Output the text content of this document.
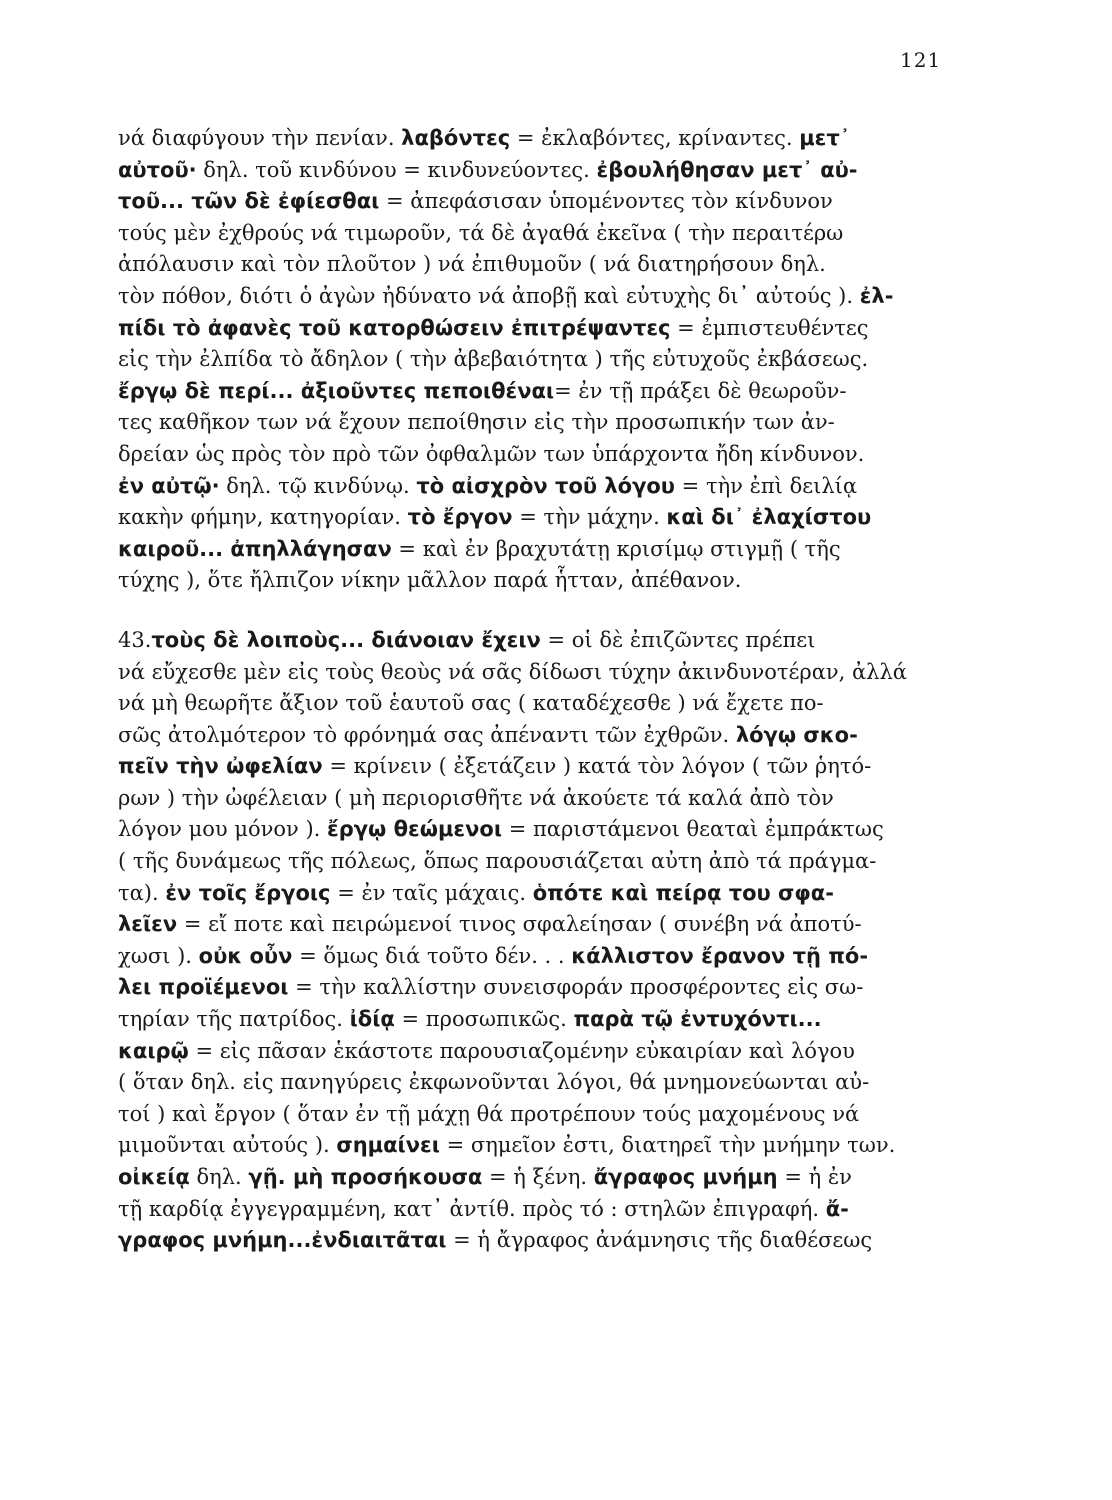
121
νά διαφύγουν τὴν πενίαν. λαβόντες = ἐκλαβόντες, κρίναντες. μετ᾽
αὐτοῦ· δηλ. τοῦ κινδύνου = κινδυνεύοντες. ἐβουλήθησαν μετ᾽ αὐ-
τοῦ... τῶν δὲ ἐφίεσθαι = ἀπεφάσισαν ὑπομένοντες τὸν κίνδυνον
τούς μὲν ἐχθρούς νά τιμωροῦν, τά δὲ ἀγαθά ἐκεῖνα ( τὴν περαιτέρω
ἀπόλαυσιν καὶ τὸν πλοῦτον ) νά ἐπιθυμοῦν ( νά διατηρήσουν δηλ.
τὸν πόθον, διότι ὁ ἀγὼν ἠδύνατο νά ἀποβῇ καὶ εὐτυχὴς δι᾽ αὐτούς ). ἐλ-
πίδι τὸ ἀφανὲς τοῦ κατορθώσειν ἐπιτρέψαντες = ἐμπιστευθέντες
εἰς τὴν ἐλπίδα τὸ ἄδηλον ( τὴν ἀβεβαιότητα ) τῆς εὐτυχοῦς ἐκβάσεως.
ἔργῳ δὲ περί... ἀξιοῦντες πεποιθέναι= ἐν τῇ πράξει δὲ θεωροῦν-
τες καθῆκον των νά ἔχουν πεποίθησιν εἰς τὴν προσωπικήν των ἀν-
δρείαν ὡς πρὸς τὸν πρὸ τῶν ὀφθαλμῶν των ὑπάρχοντα ἤδη κίνδυνον.
ἐν αὐτῷ· δηλ. τῷ κινδύνῳ. τὸ αἰσχρὸν τοῦ λόγου = τὴν ἐπὶ δειλίᾳ
κακὴν φήμην, κατηγορίαν. τὸ ἔργον = τὴν μάχην. καὶ δι᾽ ἐλαχίστου
καιροῦ... ἀπηλλάγησαν = καὶ ἐν βραχυτάτῃ κρισίμῳ στιγμῇ ( τῆς
τύχης ), ὅτε ἤλπιζον νίκην μᾶλλον παρά ἧτταν, ἀπέθανον.
43.τοὺς δὲ λοιποὺς... διάνοιαν ἔχειν = οἱ δὲ ἐπιζῶντες πρέπει
νά εὔχεσθε μὲν εἰς τοὺς θεοὺς νά σᾶς δίδωσι τύχην ἀκινδυνοτέραν, ἀλλά
νά μὴ θεωρῆτε ἄξιον τοῦ ἑαυτοῦ σας ( καταδέχεσθε ) νά ἔχετε πο-
σῶς ἀτολμότερον τὸ φρόνημά σας ἀπέναντι τῶν ἐχθρῶν. λόγῳ σκο-
πεῖν τὴν ὠφελίαν = κρίνειν ( ἐξετάζειν ) κατά τὸν λόγον ( τῶν ῥητό-
ρων ) τὴν ὠφέλειαν ( μὴ περιορισθῆτε νά ἀκούετε τά καλά ἀπὸ τὸν
λόγον μου μόνον ). ἔργῳ θεώμενοι = παριστάμενοι θεαταὶ ἐμπράκτως
( τῆς δυνάμεως τῆς πόλεως, ὅπως παρουσιάζεται αὐτη ἀπὸ τά πράγμα-
τα). ἐν τοῖς ἔργοις = ἐν ταῖς μάχαις. ὁπότε καὶ πείρᾳ του σφα-
λεῖεν = εἴ ποτε καὶ πειρώμενοί τινος σφαλείησαν ( συνέβη νά ἀποτύ-
χωσι ). οὐκ οὖν = ὅμως διά τοῦτο δέν. . . κάλλιστον ἔρανον τῇ πό-
λει προϊέμενοι = τὴν καλλίστην συνεισφοράν προσφέροντες εἰς σω-
τηρίαν τῆς πατρίδος. ἰδίᾳ = προσωπικῶς. παρὰ τῷ ἐντυχόντι...
καιρῷ = εἰς πᾶσαν ἑκάστοτε παρουσιαζομένην εὐκαιρίαν καὶ λόγου
( ὅταν δηλ. εἰς πανηγύρεις ἐκφωνοῦνται λόγοι, θά μνημονεύωνται αὐ-
τοί ) καὶ ἔργον ( ὅταν ἐν τῇ μάχῃ θά προτρέπουν τούς μαχομένους νά
μιμοῦνται αὐτούς ). σημαίνει = σημεῖον ἐστι, διατηρεῖ τὴν μνήμην των.
οἰκείᾳ δηλ. γῇ. μὴ προσήκουσα = ἡ ξένη. ἄγραφος μνήμη = ἡ ἐν
τῇ καρδίᾳ ἐγγεγραμμένη, κατ᾽ ἀντίθ. πρὸς τό : στηλῶν ἐπιγραφή. ἄ-
γραφος μνήμη...ἐνδιαιτᾶται = ἡ ἄγραφος ἀνάμνησις τῆς διαθέσεως
